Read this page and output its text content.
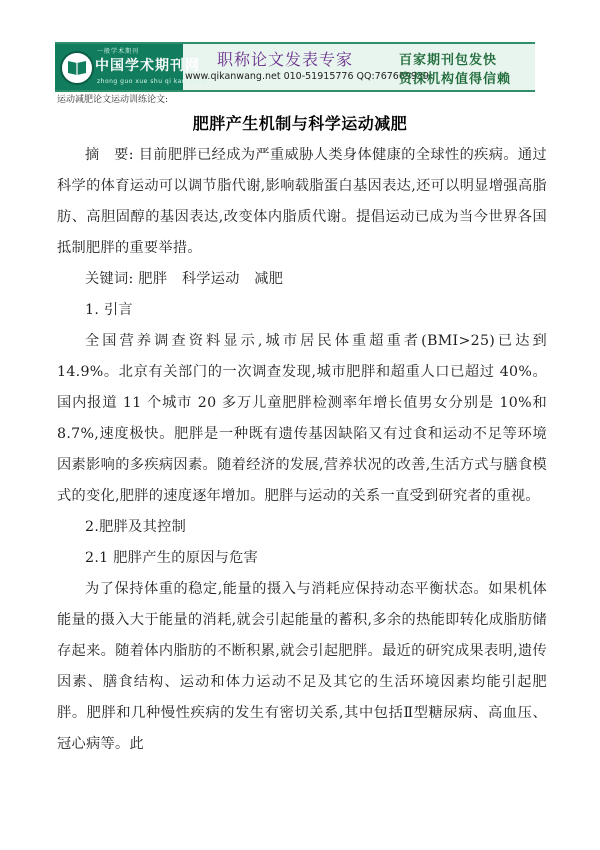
一般学术期刊
中国学术期刊网
zhong guo xue shu qi kan wang
职称论文发表专家
www.qikanwang.net 010-51915776 QQ:767669939
百家期刊包发快
资深机构值得信赖
运动减肥论文运动训练论文:
肥胖产生机制与科学运动减肥

摘　要: 目前肥胖已经成为严重威胁人类身体健康的全球性的疾病。通过科学的体育运动可以调节脂代谢,影响载脂蛋白基因表达,还可以明显增强高脂肪、高胆固醇的基因表达,改变体内脂质代谢。提倡运动已成为当今世界各国抵制肥胖的重要举措。

关键词: 肥胖　科学运动　减肥

1. 引言

全国营养调查资料显示,城市居民体重超重者(BMI>25)已达到 14.9%。北京有关部门的一次调查发现,城市肥胖和超重人口已超过 40%。国内报道 11 个城市 20 多万儿童肥胖检测率年增长值男女分别是 10%和 8.7%,速度极快。肥胖是一种既有遗传基因缺陷又有过食和运动不足等环境因素影响的多疾病因素。随着经济的发展,营养状况的改善,生活方式与膳食模式的变化,肥胖的速度逐年增加。肥胖与运动的关系一直受到研究者的重视。

2.肥胖及其控制

2.1 肥胖产生的原因与危害

为了保持体重的稳定,能量的摄入与消耗应保持动态平衡状态。如果机体能量的摄入大于能量的消耗,就会引起能量的蓄积,多余的热能即转化成脂肪储存起来。随着体内脂肪的不断积累,就会引起肥胖。最近的研究成果表明,遗传因素、膳食结构、运动和体力运动不足及其它的生活环境因素均能引起肥胖。肥胖和几种慢性疾病的发生有密切关系,其中包括Ⅱ型糖尿病、高血压、冠心病等。此
